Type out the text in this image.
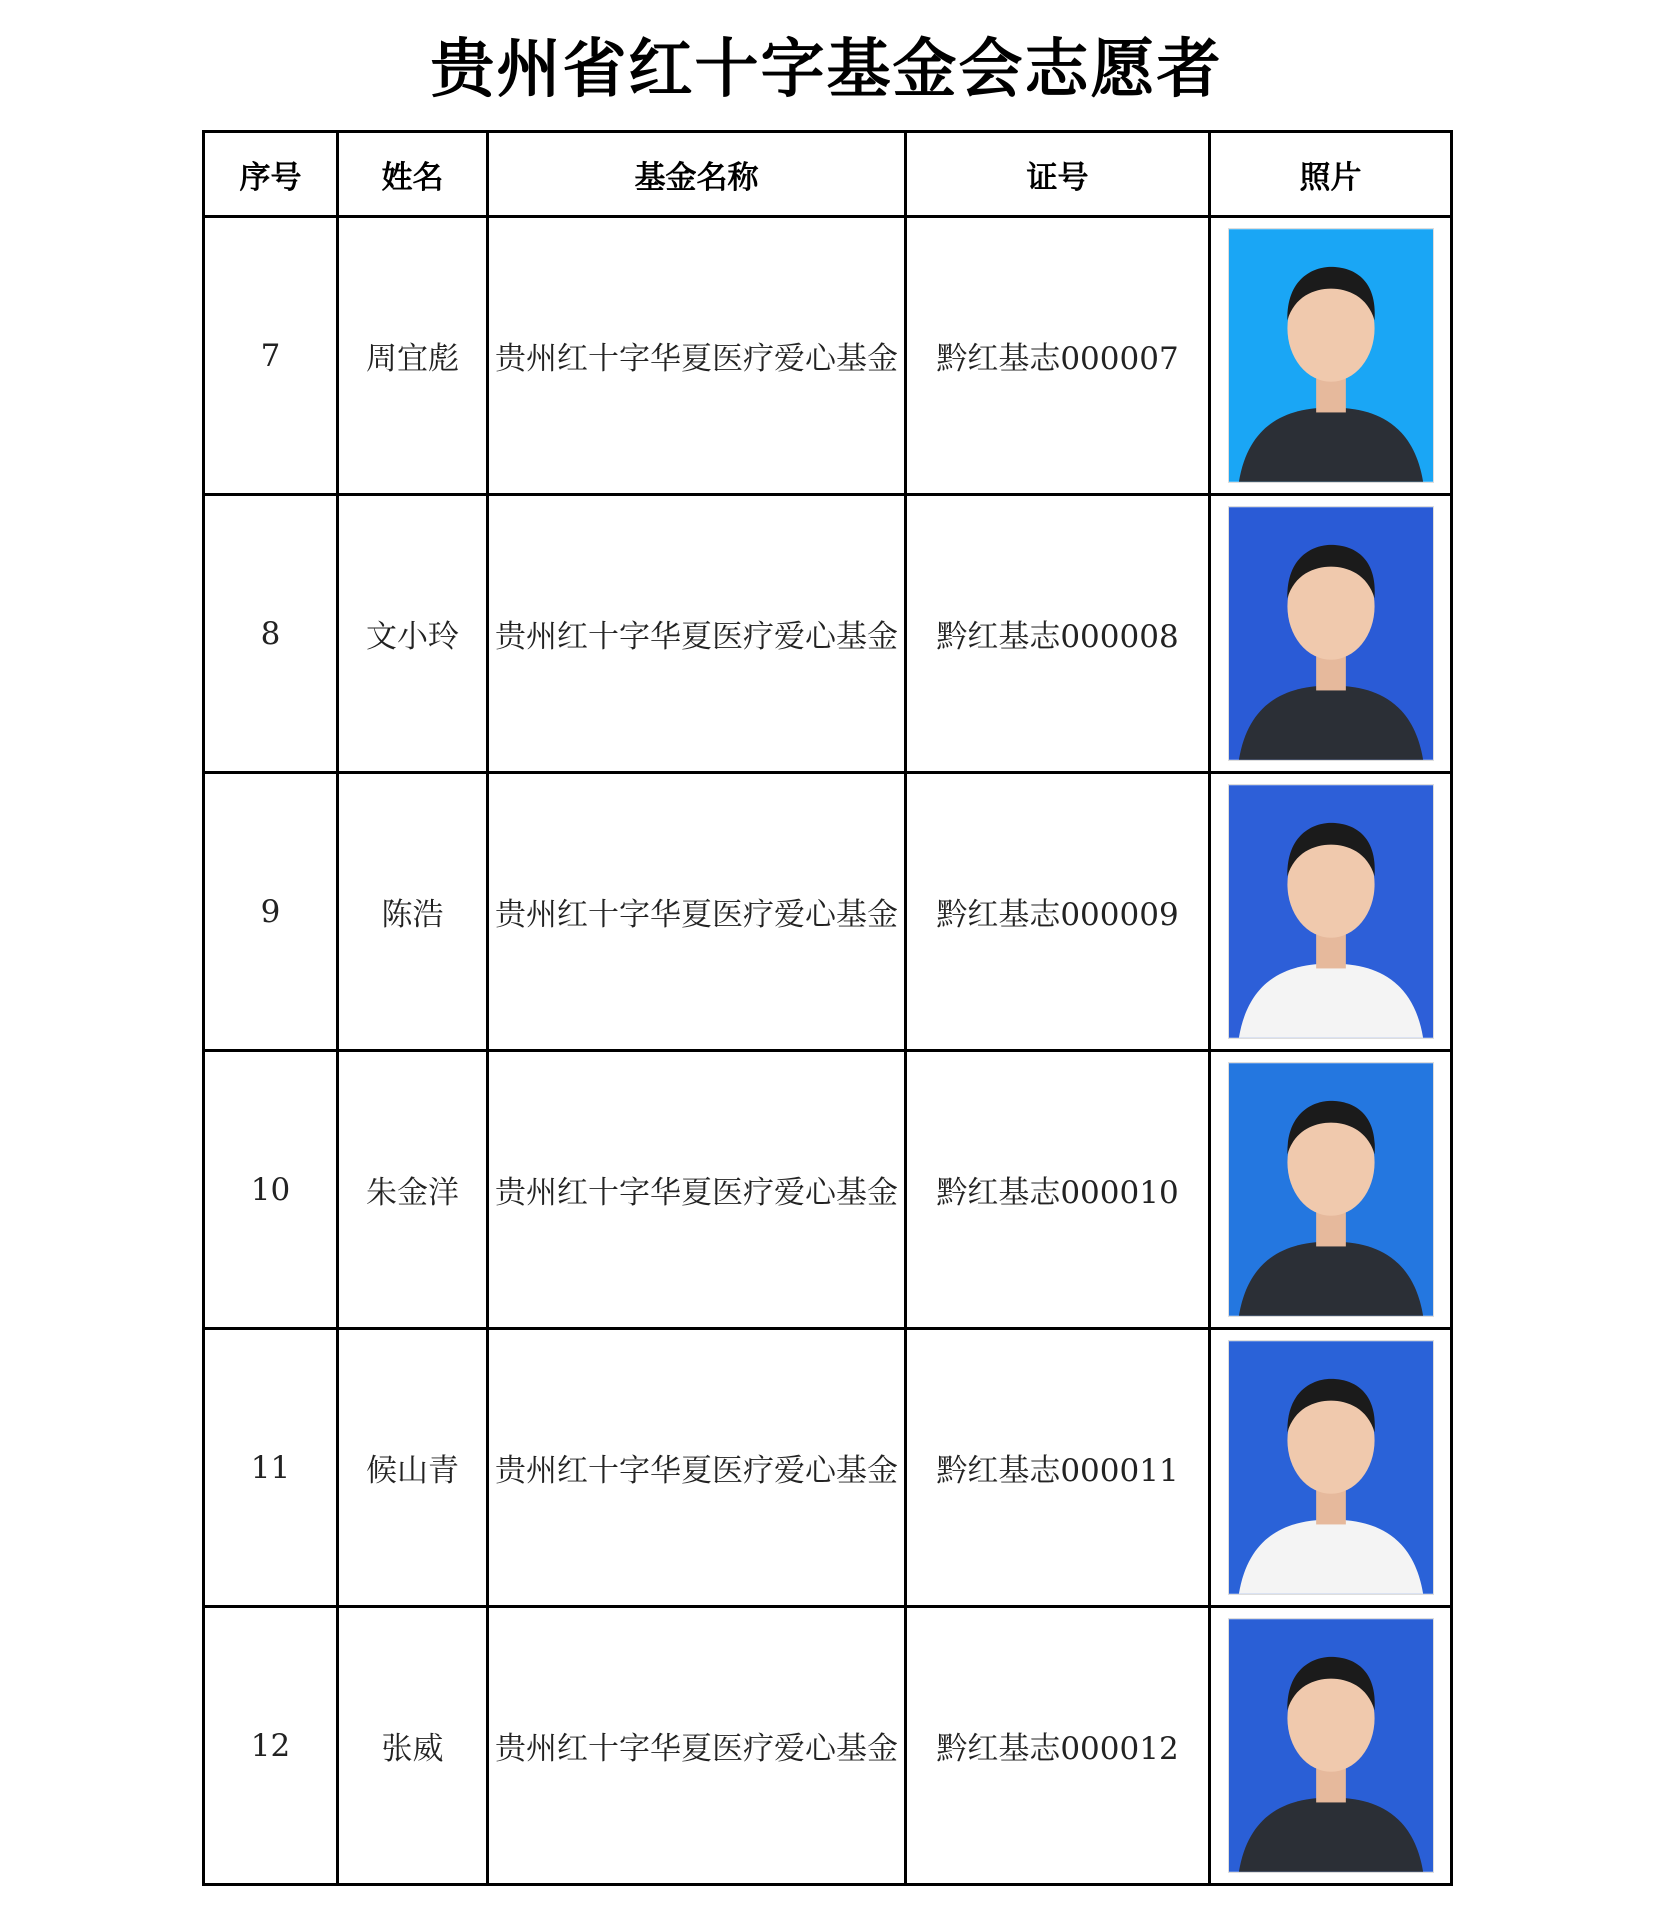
贵州省红十字基金会志愿者
序号	姓名	基金名称	证号	照片
7	周宜彪	贵州红十字华夏医疗爱心基金	黔红基志000007	

8	文小玲	贵州红十字华夏医疗爱心基金	黔红基志000008	

9	陈浩	贵州红十字华夏医疗爱心基金	黔红基志000009	

10	朱金洋	贵州红十字华夏医疗爱心基金	黔红基志000010	

11	候山青	贵州红十字华夏医疗爱心基金	黔红基志000011	

12	张威	贵州红十字华夏医疗爱心基金	黔红基志000012	
